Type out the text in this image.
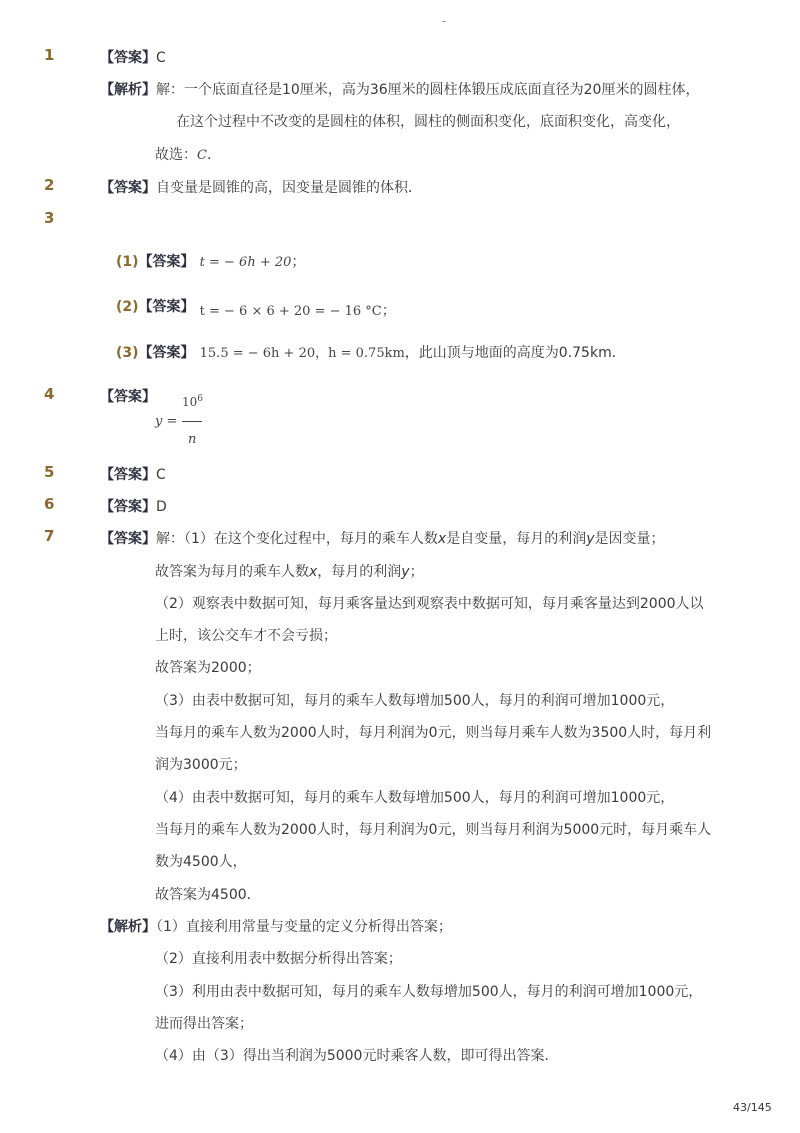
-
1	【答案】C
【解析】解：一个底面直径是10厘米，高为36厘米的圆柱体锻压成底面直径为20厘米的圆柱体，
在这个过程中不改变的是圆柱的体积，圆柱的侧面积变化，底面积变化，高变化，
故选：C．
2	【答案】自变量是圆锥的高，因变量是圆锥的体积．
3
(1)【答案】 t = − 6h + 20；
(2)【答案】 $_{t = - 6 \times 6 + 20 = - 16 ^\circ C}$；
(3)【答案】 15.5 = − 6h + 20，h = 0.75km，此山顶与地面的高度为0.75km．
4	【答案】 $10^6$
y =
n
5	【答案】C
6	【答案】D
7	【答案】解：（1）在这个变化过程中，每月的乘车人数x是自变量，每月的利润y是因变量；
故答案为每月的乘车人数x，每月的利润y；
（2）观察表中数据可知，每月乘客量达到观察表中数据可知，每月乘客量达到2000人以
上时，该公交车才不会亏损；
故答案为2000；
（3）由表中数据可知，每月的乘车人数每增加500人，每月的利润可增加1000元，
当每月的乘车人数为2000人时，每月利润为0元，则当每月乘车人数为3500人时，每月利
润为3000元；
（4）由表中数据可知，每月的乘车人数每增加500人，每月的利润可增加1000元，
当每月的乘车人数为2000人时，每月利润为0元，则当每月利润为5000元时，每月乘车人
数为4500人，
故答案为4500．
【解析】（1）直接利用常量与变量的定义分析得出答案；
（2）直接利用表中数据分析得出答案；
（3）利用由表中数据可知，每月的乘车人数每增加500人，每月的利润可增加1000元，
进而得出答案；
（4）由（3）得出当利润为5000元时乘客人数，即可得出答案．
43/145
